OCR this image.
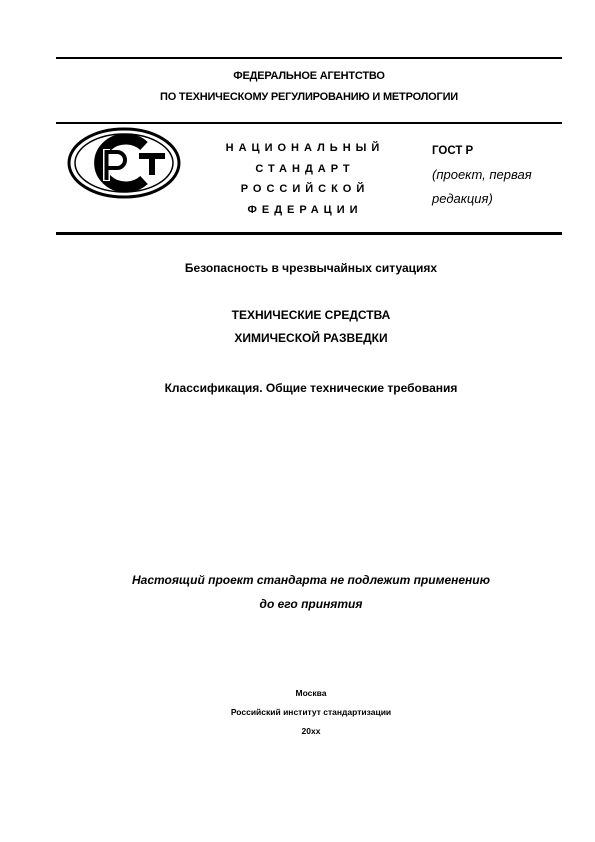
ФЕДЕРАЛЬНОЕ АГЕНТСТВО
ПО ТЕХНИЧЕСКОМУ РЕГУЛИРОВАНИЮ И МЕТРОЛОГИИ
НАЦИОНАЛЬНЫЙ
СТАНДАРТ
РОССИЙСКОЙ
ФЕДЕРАЦИИ
ГОСТ Р
(проект, первая
редакция)
Безопасность в чрезвычайных ситуациях
ТЕХНИЧЕСКИЕ СРЕДСТВА
ХИМИЧЕСКОЙ РАЗВЕДКИ
Классификация. Общие технические требования
Настоящий проект стандарта не подлежит применению
до его принятия
Москва
Российский институт стандартизации
20хх
